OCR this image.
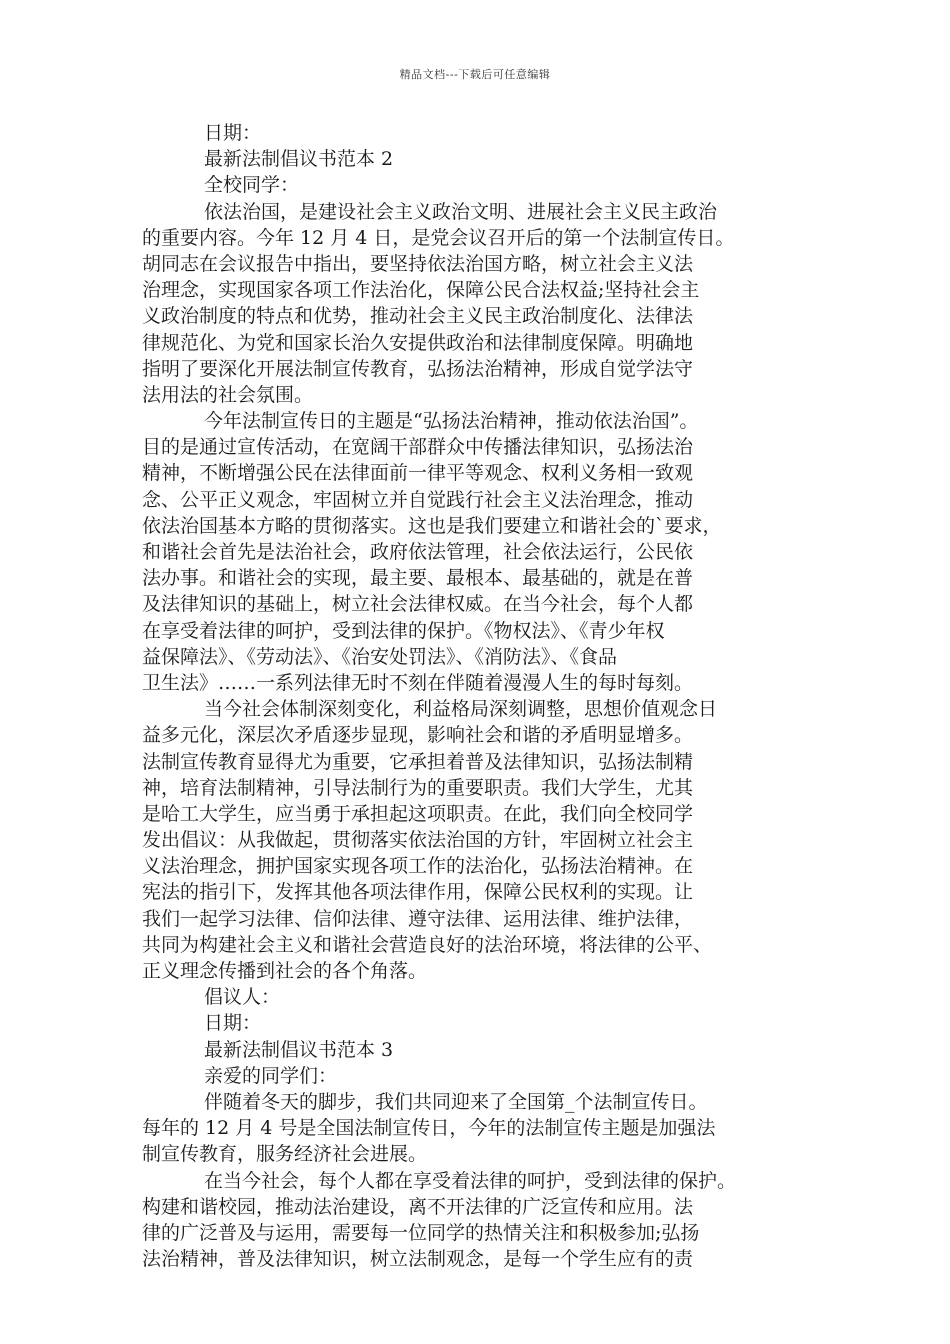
精品文档---下载后可任意编辑

日期：

最新法制倡议书范本 2

全校同学：

依法治国，是建设社会主义政治文明、进展社会主义民主政治

的重要内容。今年 12 月 4 日，是党会议召开后的第一个法制宣传日。

胡同志在会议报告中指出，要坚持依法治国方略，树立社会主义法

治理念，实现国家各项工作法治化，保障公民合法权益;坚持社会主

义政治制度的特点和优势，推动社会主义民主政治制度化、法律法

律规范化、为党和国家长治久安提供政治和法律制度保障。明确地

指明了要深化开展法制宣传教育，弘扬法治精神，形成自觉学法守

法用法的社会氛围。

今年法制宣传日的主题是“弘扬法治精神，推动依法治国”。

目的是通过宣传活动，在宽阔干部群众中传播法律知识，弘扬法治

精神，不断增强公民在法律面前一律平等观念、权利义务相一致观

念、公平正义观念，牢固树立并自觉践行社会主义法治理念，推动

依法治国基本方略的贯彻落实。这也是我们要建立和谐社会的`要求，

和谐社会首先是法治社会，政府依法管理，社会依法运行，公民依

法办事。和谐社会的实现，最主要、最根本、最基础的，就是在普

及法律知识的基础上，树立社会法律权威。在当今社会，每个人都

在享受着法律的呵护，受到法律的保护。《物权法》、《青少年权

益保障法》、《劳动法》、《治安处罚法》、《消防法》、《食品

卫生法》……一系列法律无时不刻在伴随着漫漫人生的每时每刻。

当今社会体制深刻变化，利益格局深刻调整，思想价值观念日

益多元化，深层次矛盾逐步显现，影响社会和谐的矛盾明显增多。

法制宣传教育显得尤为重要，它承担着普及法律知识，弘扬法制精

神，培育法制精神，引导法制行为的重要职责。我们大学生，尤其

是哈工大学生，应当勇于承担起这项职责。在此，我们向全校同学

发出倡议：从我做起，贯彻落实依法治国的方针，牢固树立社会主

义法治理念，拥护国家实现各项工作的法治化，弘扬法治精神。在

宪法的指引下，发挥其他各项法律作用，保障公民权利的实现。让

我们一起学习法律、信仰法律、遵守法律、运用法律、维护法律，

共同为构建社会主义和谐社会营造良好的法治环境，将法律的公平、

正义理念传播到社会的各个角落。

倡议人：

日期：

最新法制倡议书范本 3

亲爱的同学们：

伴随着冬天的脚步，我们共同迎来了全国第_个法制宣传日。

每年的 12 月 4 号是全国法制宣传日，今年的法制宣传主题是加强法

制宣传教育，服务经济社会进展。

在当今社会，每个人都在享受着法律的呵护，受到法律的保护。

构建和谐校园，推动法治建设，离不开法律的广泛宣传和应用。法

律的广泛普及与运用，需要每一位同学的热情关注和积极参加;弘扬

法治精神，普及法律知识，树立法制观念，是每一个学生应有的责
